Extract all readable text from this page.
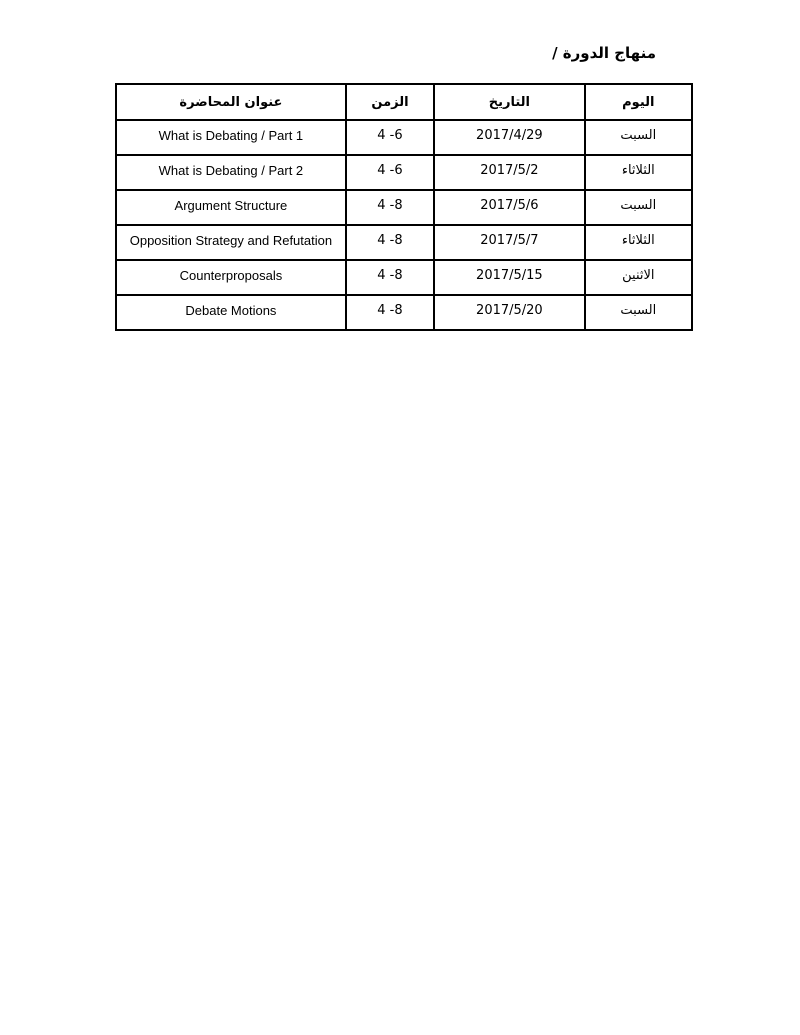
منهاج الدورة /
اليوم	التاريخ	الزمن	عنوان المحاضرة

السبت	2017/4/29	4 -6	What is Debating / Part 1

الثلاثاء	2017/5/2	4 -6	What is Debating / Part 2

السبت	2017/5/6	4 -8	Argument Structure

الثلاثاء	2017/5/7	4 -8	Opposition Strategy and Refutation

الاثنين	2017/5/15	4 -8	Counterproposals

السبت	2017/5/20	4 -8	Debate Motions
